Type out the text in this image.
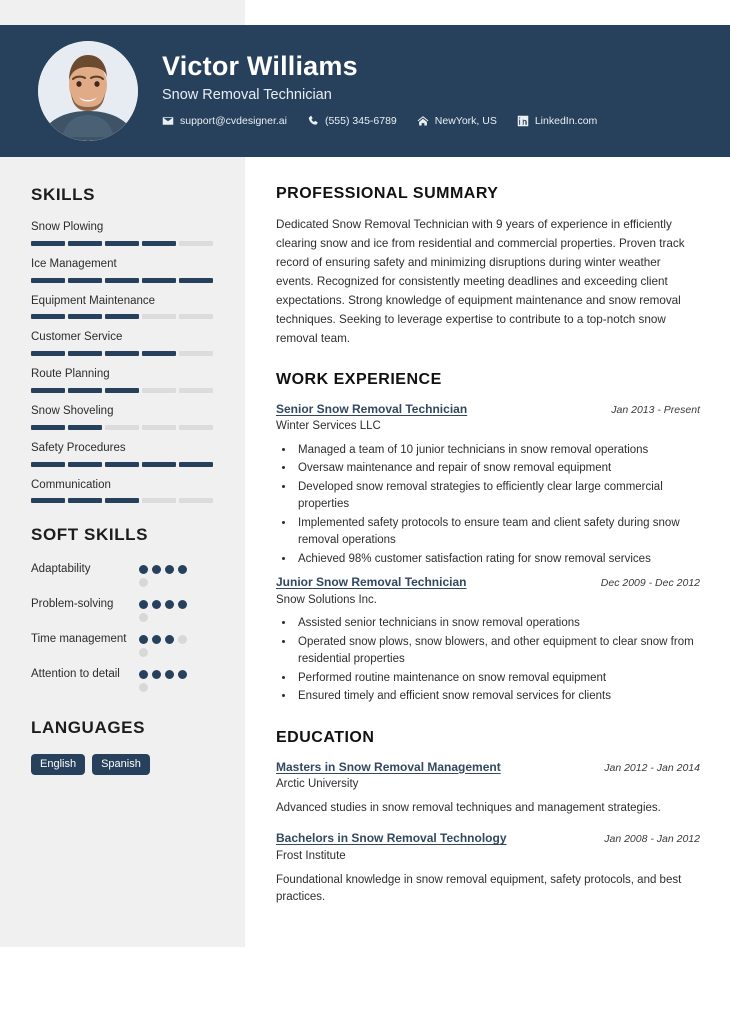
Victor Williams
Snow Removal Technician
support@cvdesigner.ai	(555) 345-6789	NewYork, US	LinkedIn.com
SKILLS
Snow Plowing
Ice Management
Equipment Maintenance
Customer Service
Route Planning
Snow Shoveling
Safety Procedures
Communication
SOFT SKILLS
Adaptability
Problem-solving
Time management
Attention to detail
LANGUAGES
English	Spanish
PROFESSIONAL SUMMARY
Dedicated Snow Removal Technician with 9 years of experience in efficiently clearing snow and ice from residential and commercial properties. Proven track record of ensuring safety and minimizing disruptions during winter weather events. Recognized for consistently meeting deadlines and exceeding client expectations. Strong knowledge of equipment maintenance and snow removal techniques. Seeking to leverage expertise to contribute to a top-notch snow removal team.
WORK EXPERIENCE
Senior Snow Removal Technician	Jan 2013 - Present
Winter Services LLC
• Managed a team of 10 junior technicians in snow removal operations
• Oversaw maintenance and repair of snow removal equipment
• Developed snow removal strategies to efficiently clear large commercial properties
• Implemented safety protocols to ensure team and client safety during snow removal operations
• Achieved 98% customer satisfaction rating for snow removal services
Junior Snow Removal Technician	Dec 2009 - Dec 2012
Snow Solutions Inc.
• Assisted senior technicians in snow removal operations
• Operated snow plows, snow blowers, and other equipment to clear snow from residential properties
• Performed routine maintenance on snow removal equipment
• Ensured timely and efficient snow removal services for clients
EDUCATION
Masters in Snow Removal Management	Jan 2012 - Jan 2014
Arctic University
Advanced studies in snow removal techniques and management strategies.
Bachelors in Snow Removal Technology	Jan 2008 - Jan 2012
Frost Institute
Foundational knowledge in snow removal equipment, safety protocols, and best practices.
